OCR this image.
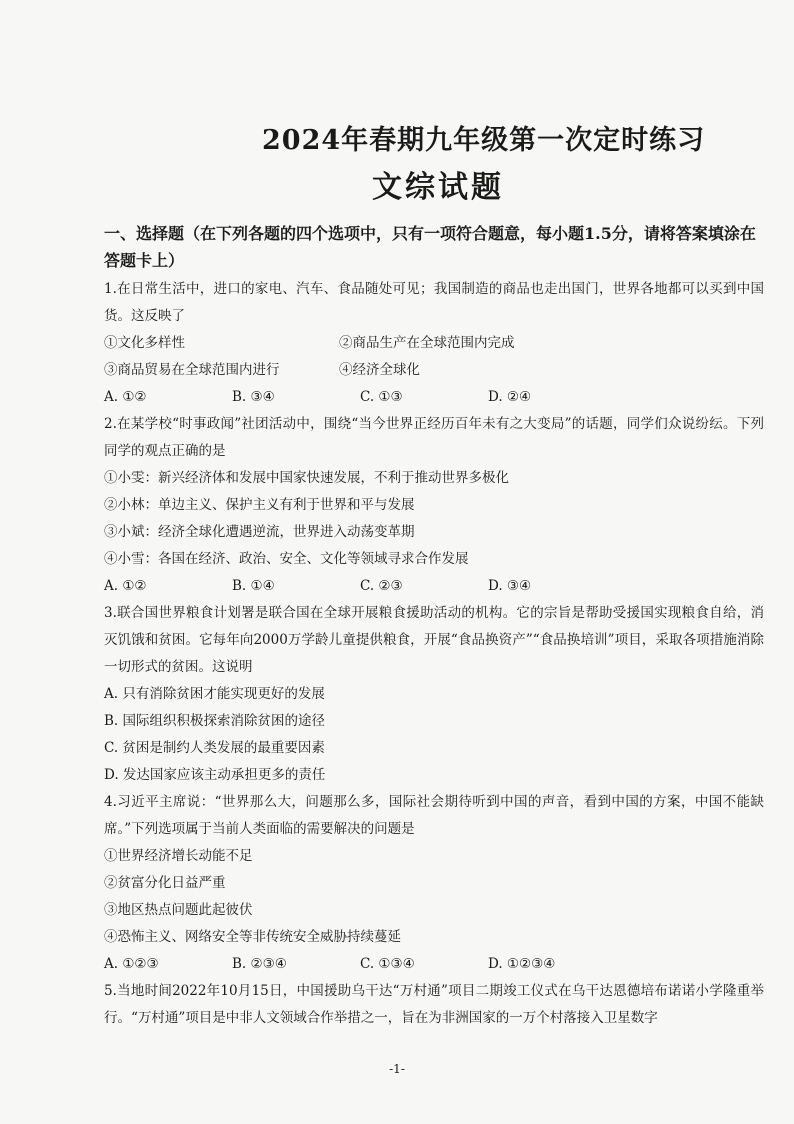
2024年春期九年级第一次定时练习
文综试题
一、选择题（在下列各题的四个选项中，只有一项符合题意，每小题1.5分，请将答案填涂在答题卡上）
1.在日常生活中，进口的家电、汽车、食品随处可见；我国制造的商品也走出国门，世界各地都可以买到中国货。这反映了
①文化多样性	②商品生产在全球范围内完成
③商品贸易在全球范围内进行	④经济全球化
A. ①②	B. ③④	C. ①③	D. ②④
2.在某学校“时事政闻”社团活动中，围绕“当今世界正经历百年未有之大变局”的话题，同学们众说纷纭。下列同学的观点正确的是
①小雯：新兴经济体和发展中国家快速发展，不利于推动世界多极化
②小林：单边主义、保护主义有利于世界和平与发展
③小斌：经济全球化遭遇逆流，世界进入动荡变革期
④小雪：各国在经济、政治、安全、文化等领域寻求合作发展
A. ①②	B. ①④	C. ②③	D. ③④
3.联合国世界粮食计划署是联合国在全球开展粮食援助活动的机构。它的宗旨是帮助受援国实现粮食自给，消灭饥饿和贫困。它每年向2000万学龄儿童提供粮食，开展“食品换资产”“食品换培训”项目，采取各项措施消除一切形式的贫困。这说明
A. 只有消除贫困才能实现更好的发展
B. 国际组织积极探索消除贫困的途径
C. 贫困是制约人类发展的最重要因素
D. 发达国家应该主动承担更多的责任
4.习近平主席说：“世界那么大，问题那么多，国际社会期待听到中国的声音，看到中国的方案，中国不能缺席。”下列选项属于当前人类面临的需要解决的问题是
①世界经济增长动能不足
②贫富分化日益严重
③地区热点问题此起彼伏
④恐怖主义、网络安全等非传统安全威胁持续蔓延
A. ①②③	B. ②③④	C. ①③④	D. ①②③④
5.当地时间2022年10月15日，中国援助乌干达“万村通”项目二期竣工仪式在乌干达恩德培布诺诺小学隆重举行。“万村通”项目是中非人文领域合作举措之一，旨在为非洲国家的一万个村落接入卫星数字
-1-
